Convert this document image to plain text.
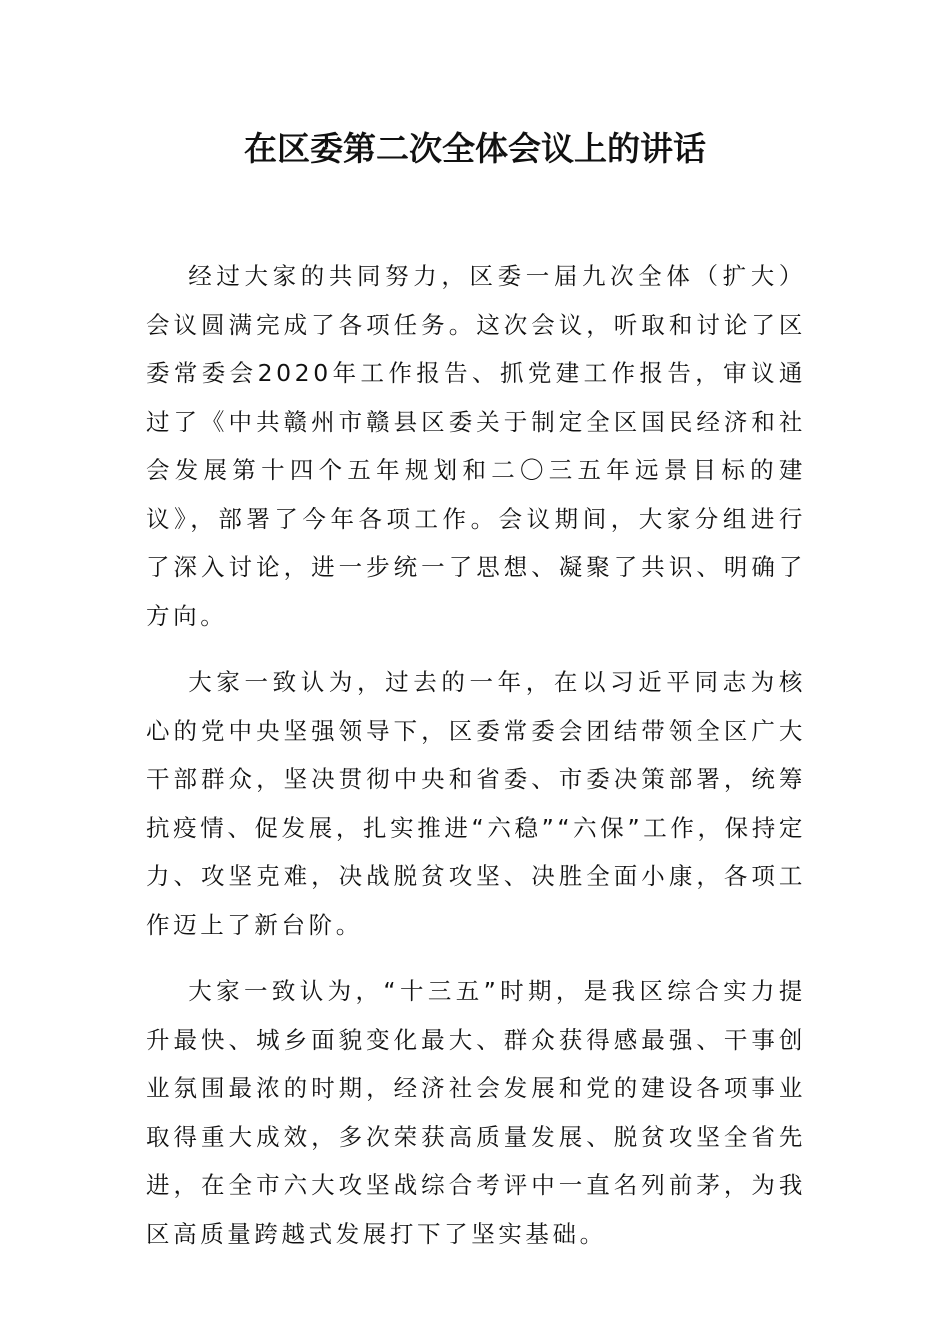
在区委第二次全体会议上的讲话

经过大家的共同努力，区委一届九次全体（扩大）会议圆满完成了各项任务。这次会议，听取和讨论了区委常委会2020年工作报告、抓党建工作报告，审议通过了《中共赣州市赣县区委关于制定全区国民经济和社会发展第十四个五年规划和二〇三五年远景目标的建议》，部署了今年各项工作。会议期间，大家分组进行了深入讨论，进一步统一了思想、凝聚了共识、明确了方向。

大家一致认为，过去的一年，在以习近平同志为核心的党中央坚强领导下，区委常委会团结带领全区广大干部群众，坚决贯彻中央和省委、市委决策部署，统筹抗疫情、促发展，扎实推进“六稳”“六保”工作，保持定力、攻坚克难，决战脱贫攻坚、决胜全面小康，各项工作迈上了新台阶。

大家一致认为，“十三五”时期，是我区综合实力提升最快、城乡面貌变化最大、群众获得感最强、干事创业氛围最浓的时期，经济社会发展和党的建设各项事业取得重大成效，多次荣获高质量发展、脱贫攻坚全省先进，在全市六大攻坚战综合考评中一直名列前茅，为我区高质量跨越式发展打下了坚实基础。
